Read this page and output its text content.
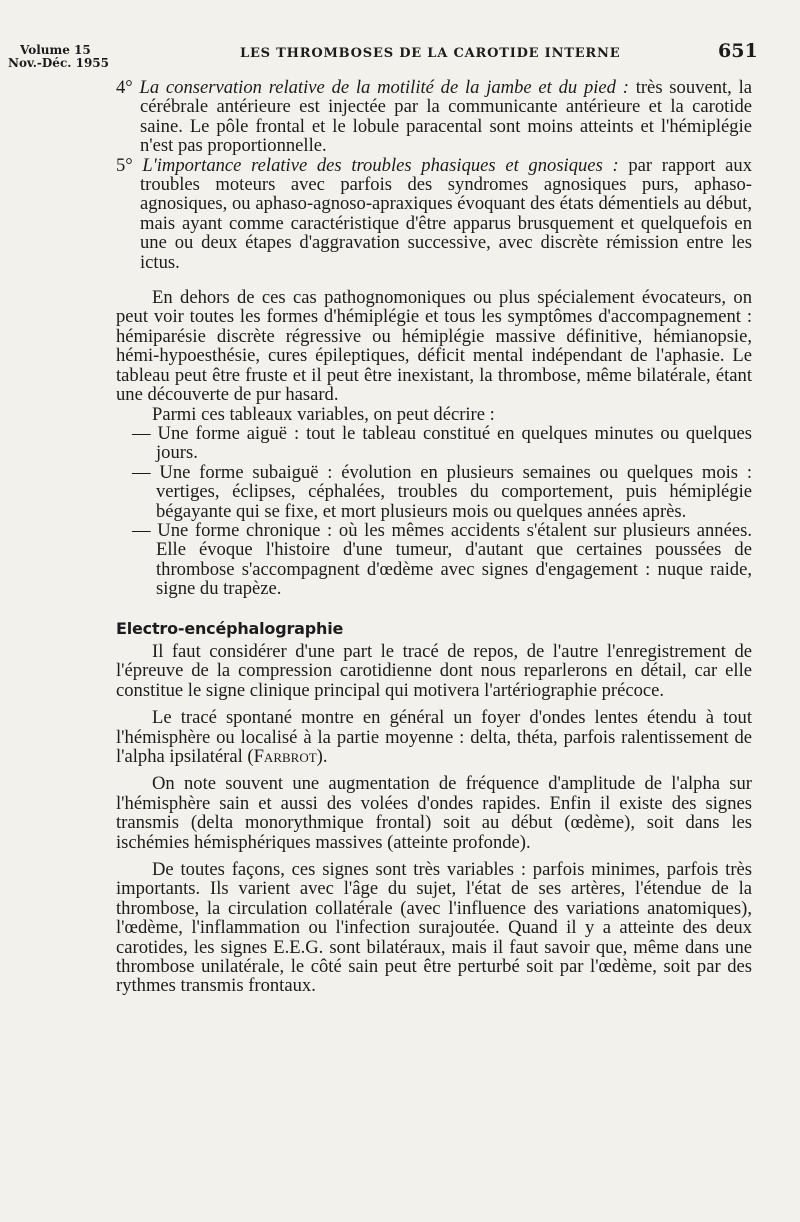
Volume 15
Nov.-Déc. 1955
LES THROMBOSES DE LA CAROTIDE INTERNE	651

4° La conservation relative de la motilité de la jambe et du pied : très souvent, la cérébrale antérieure est injectée par la communicante antérieure et la carotide saine. Le pôle frontal et le lobule paracental sont moins atteints et l'hémiplégie n'est pas proportionnelle.

5° L'importance relative des troubles phasiques et gnosiques : par rapport aux troubles moteurs avec parfois des syndromes agnosiques purs, aphaso-agnosiques, ou aphaso-agnoso-apraxiques évoquant des états démentiels au début, mais ayant comme caractéristique d'être apparus brusquement et quelquefois en une ou deux étapes d'aggravation successive, avec discrète rémission entre les ictus.

En dehors de ces cas pathognomoniques ou plus spécialement évocateurs, on peut voir toutes les formes d'hémiplégie et tous les symptômes d'accompagnement : hémiparésie discrète régressive ou hémiplégie massive définitive, hémianopsie, hémi-hypoesthésie, cures épileptiques, déficit mental indépendant de l'aphasie. Le tableau peut être fruste et il peut être inexistant, la thrombose, même bilatérale, étant une découverte de pur hasard.

Parmi ces tableaux variables, on peut décrire :

— Une forme aiguë : tout le tableau constitué en quelques minutes ou quelques jours.

— Une forme subaiguë : évolution en plusieurs semaines ou quelques mois : vertiges, éclipses, céphalées, troubles du comportement, puis hémiplégie bégayante qui se fixe, et mort plusieurs mois ou quelques années après.

— Une forme chronique : où les mêmes accidents s'étalent sur plusieurs années. Elle évoque l'histoire d'une tumeur, d'autant que certaines poussées de thrombose s'accompagnent d'œdème avec signes d'engagement : nuque raide, signe du trapèze.

Electro-encéphalographie

Il faut considérer d'une part le tracé de repos, de l'autre l'enregistrement de l'épreuve de la compression carotidienne dont nous reparlerons en détail, car elle constitue le signe clinique principal qui motivera l'artériographie précoce.

Le tracé spontané montre en général un foyer d'ondes lentes étendu à tout l'hémisphère ou localisé à la partie moyenne : delta, théta, parfois ralentissement de l'alpha ipsilatéral (Farbrot).

On note souvent une augmentation de fréquence d'amplitude de l'alpha sur l'hémisphère sain et aussi des volées d'ondes rapides. Enfin il existe des signes transmis (delta monorythmique frontal) soit au début (œdème), soit dans les ischémies hémisphériques massives (atteinte profonde).

De toutes façons, ces signes sont très variables : parfois minimes, parfois très importants. Ils varient avec l'âge du sujet, l'état de ses artères, l'étendue de la thrombose, la circulation collatérale (avec l'influence des variations anatomiques), l'œdème, l'inflammation ou l'infection surajoutée. Quand il y a atteinte des deux carotides, les signes E.E.G. sont bilatéraux, mais il faut savoir que, même dans une thrombose unilatérale, le côté sain peut être perturbé soit par l'œdème, soit par des rythmes transmis frontaux.
